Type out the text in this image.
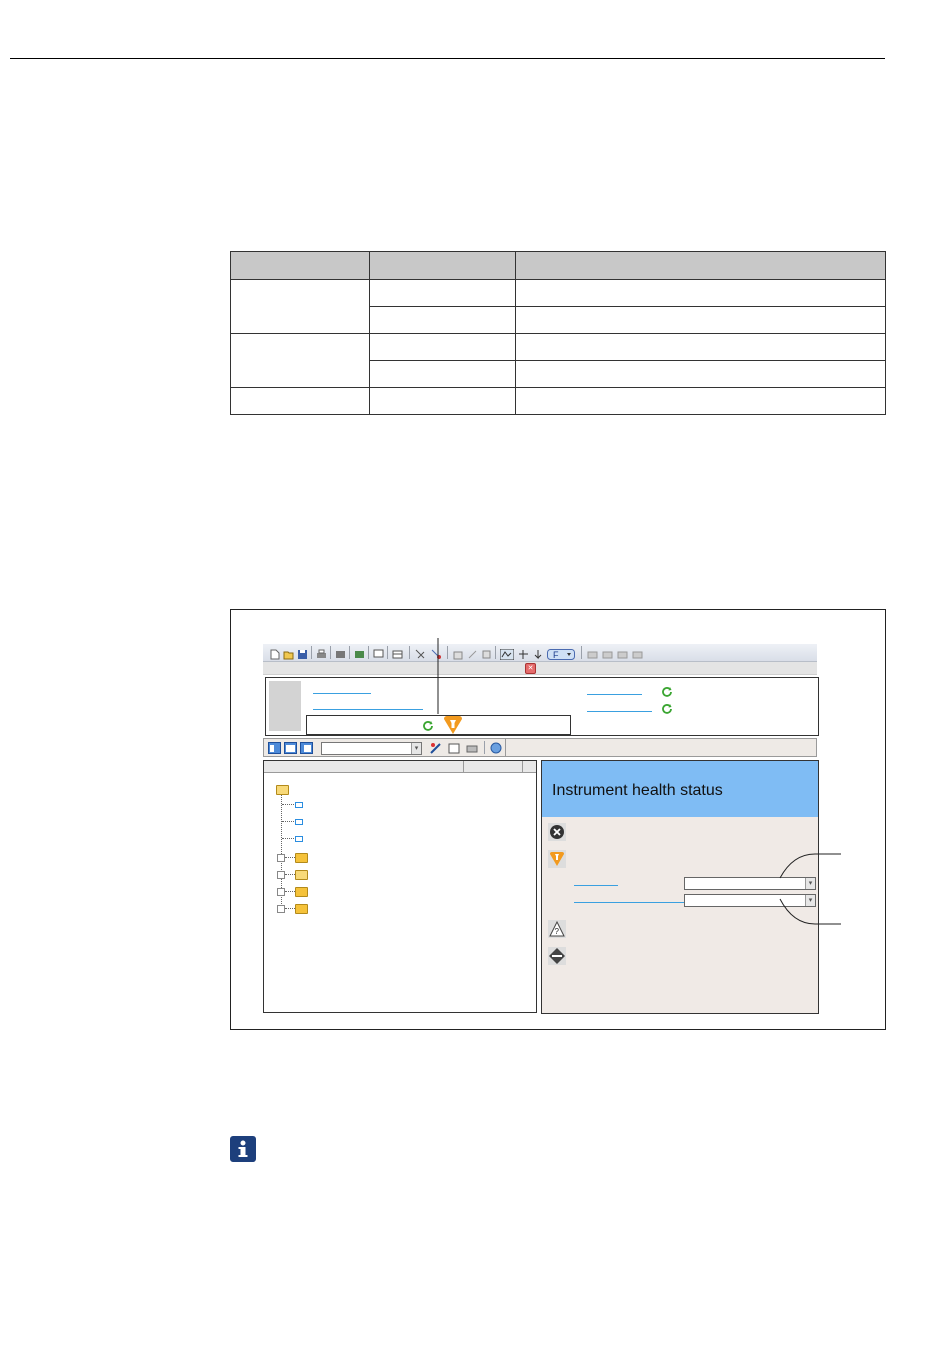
F
✕
▾
Instrument health status
▾
▾
?
